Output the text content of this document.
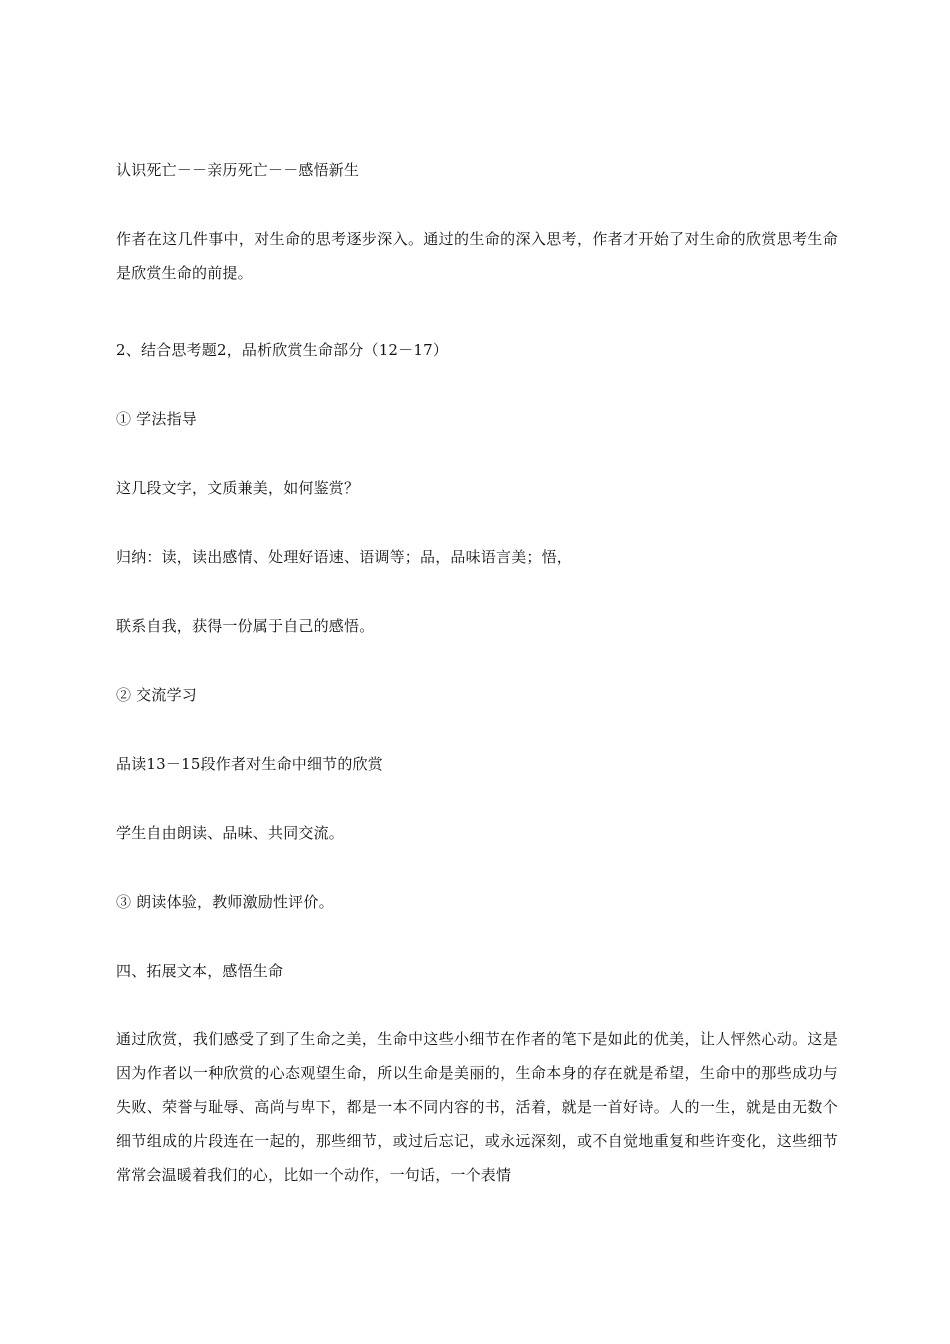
认识死亡－－亲历死亡－－感悟新生
作者在这几件事中，对生命的思考逐步深入。通过的生命的深入思考，作者才开始了对生命的欣赏思考生命是欣赏生命的前提。
2、结合思考题2，品析欣赏生命部分（12－17）
① 学法指导
这几段文字，文质兼美，如何鉴赏？
归纳：读，读出感情、处理好语速、语调等；品，品味语言美；悟，
联系自我，获得一份属于自己的感悟。
② 交流学习
品读13－15段作者对生命中细节的欣赏
学生自由朗读、品味、共同交流。
③ 朗读体验，教师激励性评价。
四、拓展文本，感悟生命
通过欣赏，我们感受了到了生命之美，生命中这些小细节在作者的笔下是如此的优美，让人怦然心动。这是因为作者以一种欣赏的心态观望生命，所以生命是美丽的，生命本身的存在就是希望，生命中的那些成功与失败、荣誉与耻辱、高尚与卑下，都是一本不同内容的书，活着，就是一首好诗。人的一生，就是由无数个细节组成的片段连在一起的，那些细节，或过后忘记，或永远深刻，或不自觉地重复和些许变化，这些细节常常会温暖着我们的心，比如一个动作，一句话，一个表情
